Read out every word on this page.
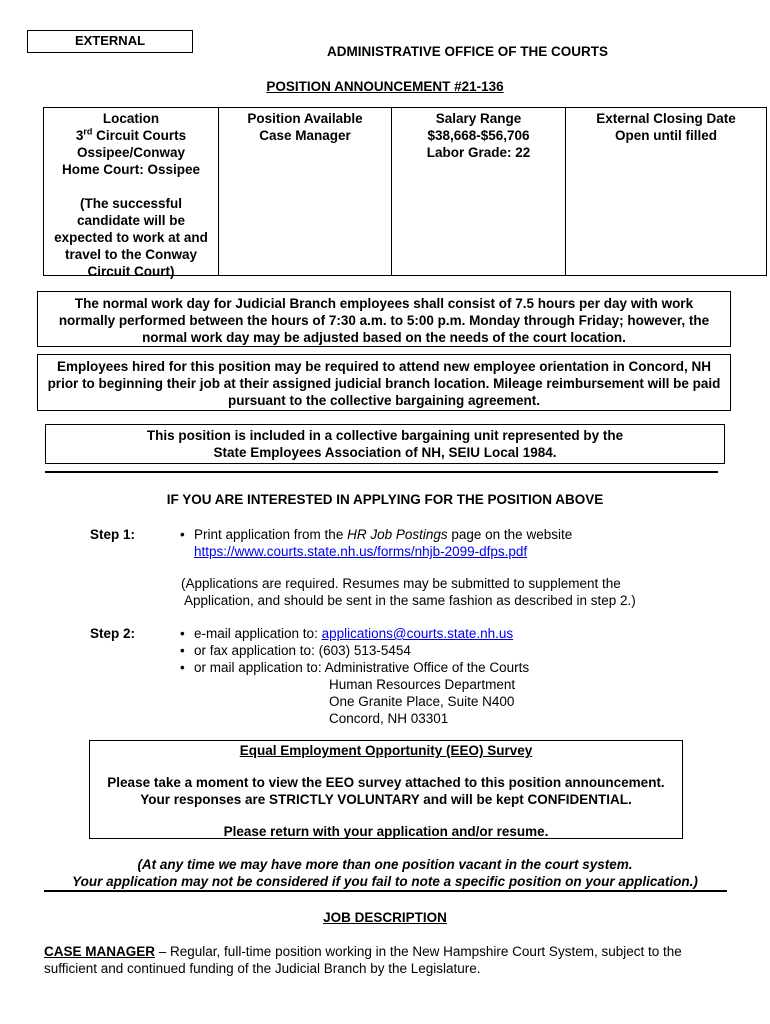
EXTERNAL
ADMINISTRATIVE OFFICE OF THE COURTS
POSITION ANNOUNCEMENT #21-136
Location
3rd Circuit Courts
Ossipee/Conway
Home Court: Ossipee
(The successful candidate will be expected to work at and travel to the Conway Circuit Court)
Position Available
Case Manager
Salary Range
$38,668-$56,706
Labor Grade: 22
External Closing Date
Open until filled
The normal work day for Judicial Branch employees shall consist of 7.5 hours per day with work normally performed between the hours of 7:30 a.m. to 5:00 p.m. Monday through Friday; however, the normal work day may be adjusted based on the needs of the court location.
Employees hired for this position may be required to attend new employee orientation in Concord, NH prior to beginning their job at their assigned judicial branch location. Mileage reimbursement will be paid pursuant to the collective bargaining agreement.
This position is included in a collective bargaining unit represented by the
State Employees Association of NH, SEIU Local 1984.
IF YOU ARE INTERESTED IN APPLYING FOR THE POSITION ABOVE
Step 1:	• Print application from the HR Job Postings page on the website
https://www.courts.state.nh.us/forms/nhjb-2099-dfps.pdf
(Applications are required. Resumes may be submitted to supplement the
Application, and should be sent in the same fashion as described in step 2.)
Step 2:	• e-mail application to: applications@courts.state.nh.us
• or fax application to: (603) 513-5454
• or mail application to: Administrative Office of the Courts
Human Resources Department
One Granite Place, Suite N400
Concord, NH 03301
Equal Employment Opportunity (EEO) Survey
Please take a moment to view the EEO survey attached to this position announcement.
Your responses are STRICTLY VOLUNTARY and will be kept CONFIDENTIAL.
Please return with your application and/or resume.
(At any time we may have more than one position vacant in the court system.
Your application may not be considered if you fail to note a specific position on your application.)
JOB DESCRIPTION
CASE MANAGER – Regular, full-time position working in the New Hampshire Court System, subject to the sufficient and continued funding of the Judicial Branch by the Legislature.
